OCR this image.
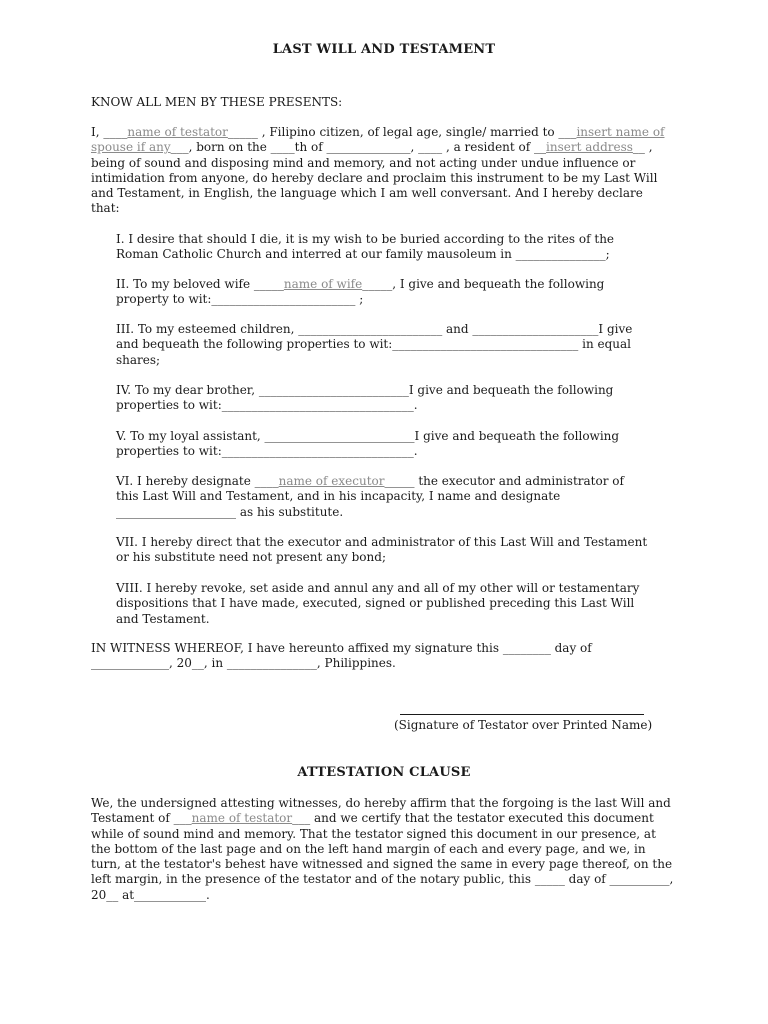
LAST WILL AND TESTAMENT

KNOW ALL MEN BY THESE PRESENTS:

I, ____name of testator_____ , Filipino citizen, of legal age, single/ married to ___insert name of spouse if any___, born on the ____th of ______________, ____ , a resident of __insert address__ , being of sound and disposing mind and memory, and not acting under undue influence or intimidation from anyone, do hereby declare and proclaim this instrument to be my Last Will and Testament, in English, the language which I am well conversant. And I hereby declare that:

I. I desire that should I die, it is my wish to be buried according to the rites of the Roman Catholic Church and interred at our family mausoleum in _______________;

II. To my beloved wife _____name of wife_____, I give and bequeath the following property to wit:________________________ ;

III. To my esteemed children, ________________________ and _____________________I give and bequeath the following properties to wit:_______________________________ in equal shares;

IV. To my dear brother, _________________________I give and bequeath the following properties to wit:________________________________.

V. To my loyal assistant, _________________________I give and bequeath the following properties to wit:________________________________.

VI. I hereby designate ____name of executor_____ the executor and administrator of this Last Will and Testament, and in his incapacity, I name and designate ____________________ as his substitute.

VII. I hereby direct that the executor and administrator of this Last Will and Testament or his substitute need not present any bond;

VIII. I hereby revoke, set aside and annul any and all of my other will or testamentary dispositions that I have made, executed, signed or published preceding this Last Will and Testament.

IN WITNESS WHEREOF, I have hereunto affixed my signature this ________ day of _____________, 20__, in _______________, Philippines.

(Signature of Testator over Printed Name)

ATTESTATION CLAUSE

We, the undersigned attesting witnesses, do hereby affirm that the forgoing is the last Will and Testament of ___name of testator___ and we certify that the testator executed this document while of sound mind and memory. That the testator signed this document in our presence, at the bottom of the last page and on the left hand margin of each and every page, and we, in turn, at the testator's behest have witnessed and signed the same in every page thereof, on the left margin, in the presence of the testator and of the notary public, this _____ day of __________, 20__ at____________.
